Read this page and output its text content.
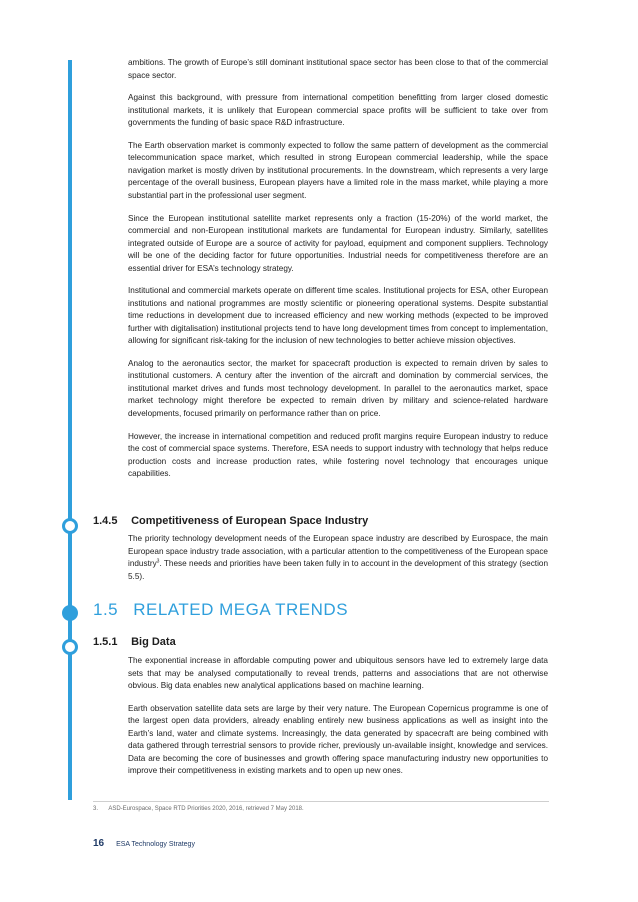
ambitions. The growth of Europe’s still dominant institutional space sector has been close to that of the commercial space sector.

Against this background, with pressure from international competition benefitting from larger closed domestic institutional markets, it is unlikely that European commercial space profits will be sufficient to take over from governments the funding of basic space R&D infrastructure.

The Earth observation market is commonly expected to follow the same pattern of development as the commercial telecommunication space market, which resulted in strong European commercial leadership, while the space navigation market is mostly driven by institutional procurements. In the downstream, which represents a very large percentage of the overall business, European players have a limited role in the mass market, while playing a more substantial part in the professional user segment.

Since the European institutional satellite market represents only a fraction (15-20%) of the world market, the commercial and non-European institutional markets are fundamental for European industry. Similarly, satellites integrated outside of Europe are a source of activity for payload, equipment and component suppliers. Technology will be one of the deciding factor for future opportunities. Industrial needs for competitiveness therefore are an essential driver for ESA’s technology strategy.

Institutional and commercial markets operate on different time scales. Institutional projects for ESA, other European institutions and national programmes are mostly scientific or pioneering operational systems. Despite substantial time reductions in development due to increased efficiency and new working methods (expected to be improved further with digitalisation) institutional projects tend to have long development times from concept to implementation, allowing for significant risk-taking for the inclusion of new technologies to better achieve mission objectives.

Analog to the aeronautics sector, the market for spacecraft production is expected to remain driven by sales to institutional customers. A century after the invention of the aircraft and domination by commercial services, the institutional market drives and funds most technology development. In parallel to the aeronautics market, space market technology might therefore be expected to remain driven by military and science-related hardware developments, focused primarily on performance rather than on price.

However, the increase in international competition and reduced profit margins require European industry to reduce the cost of commercial space systems. Therefore, ESA needs to support industry with technology that helps reduce production costs and increase production rates, while fostering novel technology that encourages unique capabilities.

1.4.5 Competitiveness of European Space Industry

The priority technology development needs of the European space industry are described by Eurospace, the main European space industry trade association, with a particular attention to the competitiveness of the European space industry$^3$. These needs and priorities have been taken fully in to account in the development of this strategy (section 5.5).

1.5 RELATED MEGA TRENDS
1.5.1 Big Data

The exponential increase in affordable computing power and ubiquitous sensors have led to extremely large data sets that may be analysed computationally to reveal trends, patterns and associations that are not otherwise obvious. Big data enables new analytical applications based on machine learning.

Earth observation satellite data sets are large by their very nature. The European Copernicus programme is one of the largest open data providers, already enabling entirely new business applications as well as insight into the Earth’s land, water and climate systems. Increasingly, the data generated by spacecraft are being combined with data gathered through terrestrial sensors to provide richer, previously un-available insight, knowledge and services. Data are becoming the core of businesses and growth offering space manufacturing industry new opportunities to improve their competitiveness in existing markets and to open up new ones.

3. ASD-Eurospace, Space RTD Priorities 2020, 2016, retrieved 7 May 2018.
16 ESA Technology Strategy
